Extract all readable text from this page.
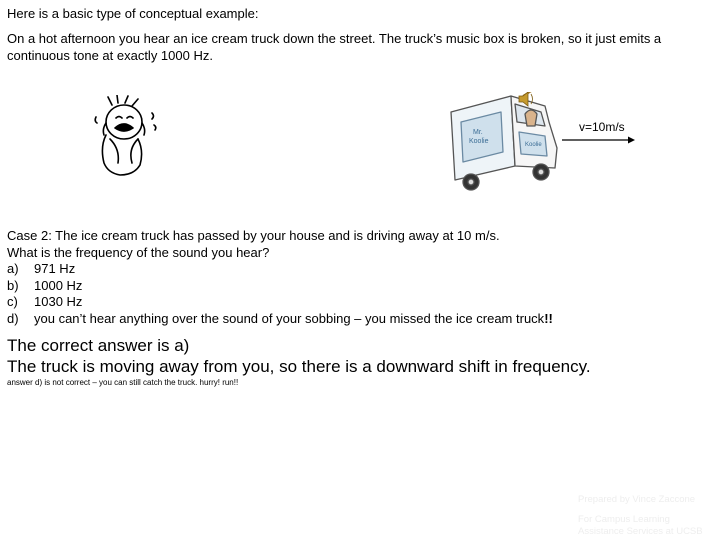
Here is a basic type of conceptual example:
On a hot afternoon you hear an ice cream truck down the street. The truck’s music box is broken, so it just emits a continuous tone at exactly 1000 Hz.
Mr.
Koolie	Koolie
v=10m/s
Case 2: The ice cream truck has passed by your house and is driving away at 10 m/s.
What is the frequency of the sound you hear?
a) 971 Hz
b) 1000 Hz
c) 1030 Hz
d) you can’t hear anything over the sound of your sobbing – you missed the ice cream truck!!
The correct answer is a)
The truck is moving away from you, so there is a downward shift in frequency.
answer d) is not correct – you can still catch the truck. hurry! run!!
Prepared by Vince Zaccone
For Campus Learning
Assistance Services at UCSB
